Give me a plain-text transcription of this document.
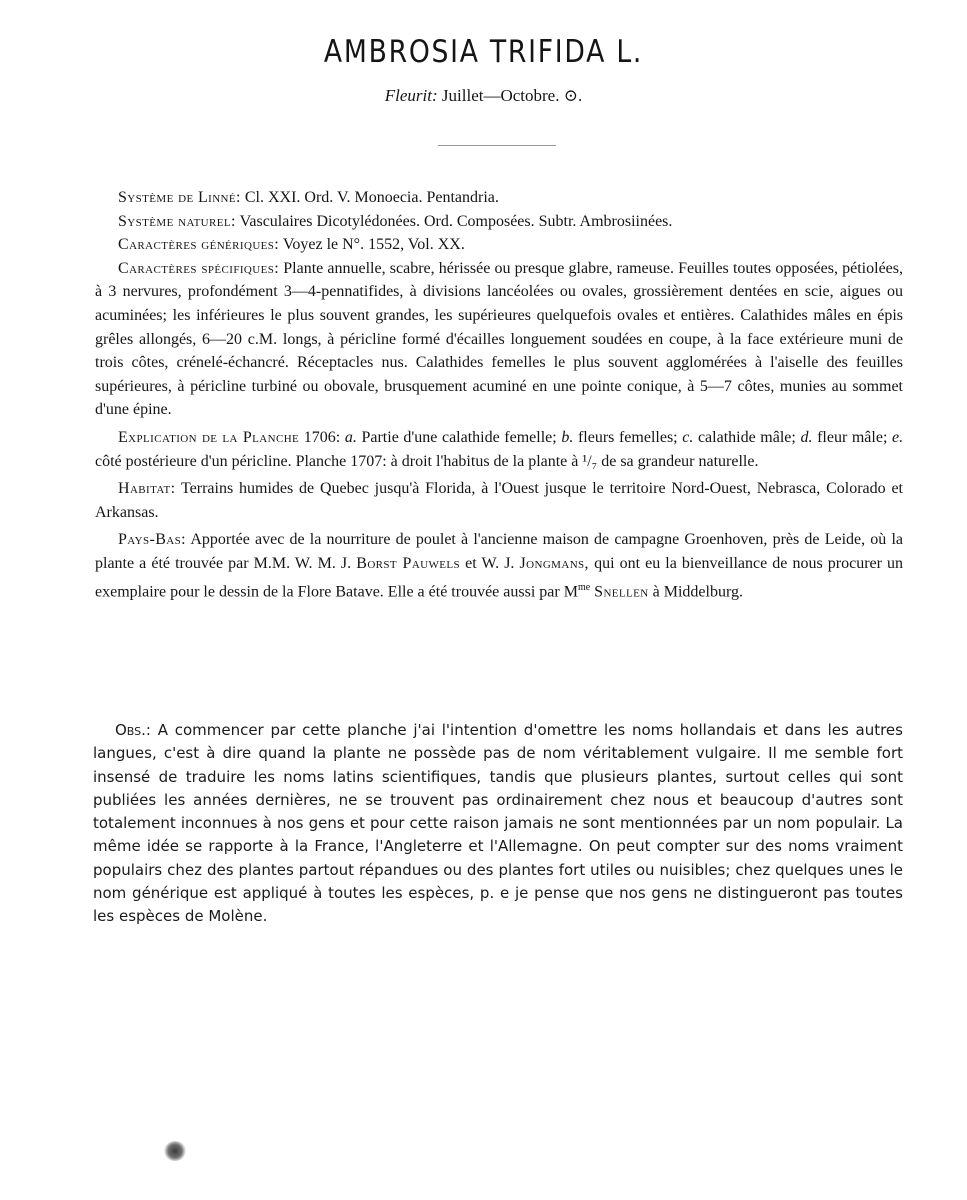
AMBROSIA TRIFIDA L.
Fleurit: Juillet—Octobre. ⊙.

Système de Linné: Cl. XXI. Ord. V. Monoecia. Pentandria.

Système naturel: Vasculaires Dicotylédonées. Ord. Composées. Subtr. Ambrosiinées.

Caractères génériques: Voyez le N°. 1552, Vol. XX.

Caractères spécifiques: Plante annuelle, scabre, hérissée ou presque glabre, rameuse. Feuilles toutes opposées, pétiolées, à 3 nervures, profondément 3—4-pennatifides, à divisions lancéolées ou ovales, grossièrement dentées en scie, aigues ou acuminées; les inférieures le plus souvent grandes, les supérieures quelquefois ovales et entières. Calathides mâles en épis grêles allongés, 6—20 c.M. longs, à péricline formé d'écailles longuement soudées en coupe, à la face extérieure muni de trois côtes, crénelé-échancré. Réceptacles nus. Calathides femelles le plus souvent agglomérées à l'aiselle des feuilles supérieures, à péricline turbiné ou obovale, brusquement acuminé en une pointe conique, à 5—7 côtes, munies au sommet d'une épine.

Explication de la Planche 1706: a. Partie d'une calathide femelle; b. fleurs femelles; c. calathide mâle; d. fleur mâle; e. côté postérieure d'un péricline. Planche 1707: à droit l'habitus de la plante à ¹/₇ de sa grandeur naturelle.

Habitat: Terrains humides de Quebec jusqu'à Florida, à l'Ouest jusque le territoire Nord-Ouest, Nebrasca, Colorado et Arkansas.

Pays-Bas: Apportée avec de la nourriture de poulet à l'ancienne maison de campagne Groenhoven, près de Leide, où la plante a été trouvée par M.M. W. M. J. Borst Pauwels et W. J. Jongmans, qui ont eu la bienveillance de nous procurer un exemplaire pour le dessin de la Flore Batave. Elle a été trouvée aussi par $M^{me}$ Snellen à Middelburg.

Obs.: A commencer par cette planche j'ai l'intention d'omettre les noms hollandais et dans les autres langues, c'est à dire quand la plante ne possède pas de nom véritablement vulgaire. Il me semble fort insensé de traduire les noms latins scientifiques, tandis que plusieurs plantes, surtout celles qui sont publiées les années dernières, ne se trouvent pas ordinairement chez nous et beaucoup d'autres sont totalement inconnues à nos gens et pour cette raison jamais ne sont mentionnées par un nom populair. La même idée se rapporte à la France, l'Angleterre et l'Allemagne. On peut compter sur des noms vraiment populairs chez des plantes partout répandues ou des plantes fort utiles ou nuisibles; chez quelques unes le nom générique est appliqué à toutes les espèces, p. e je pense que nos gens ne distingueront pas toutes les espèces de Molène.
